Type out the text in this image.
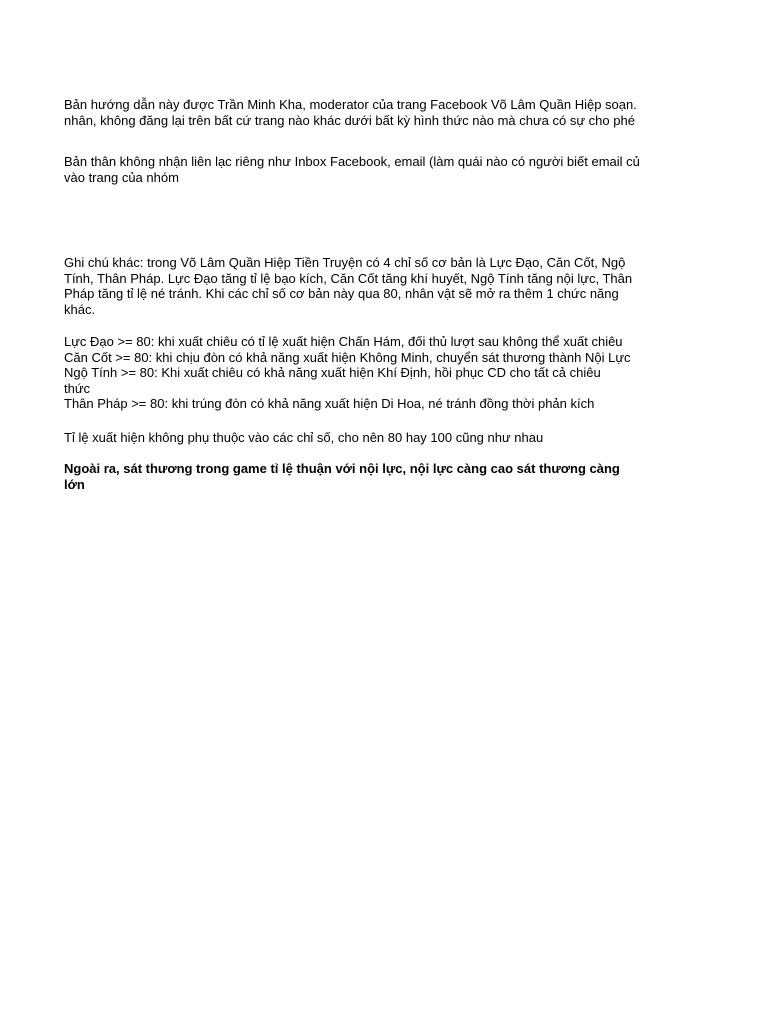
Bản hướng dẫn này được Trần Minh Kha, moderator của trang Facebook Võ Lâm Quần Hiệp soạn.
nhân, không đăng lại trên bất cứ trang nào khác dưới bất kỳ hình thức nào mà chưa có sự cho phé
Bản thân không nhận liên lạc riêng như Inbox Facebook, email (làm quái nào có người biết email củ
vào trang của nhóm
Ghi chú khác: trong Võ Lâm Quần Hiệp Tiền Truyện có 4 chỉ số cơ bản là Lực Đạo, Căn Cốt, Ngộ
Tính, Thân Pháp. Lực Đạo tăng tỉ lệ bạo kích, Căn Cốt tăng khí huyết, Ngộ Tính tăng nội lực, Thân
Pháp tăng tỉ lệ né tránh. Khi các chỉ số cơ bản này qua 80, nhân vật sẽ mở ra thêm 1 chức năng
khác.
Lực Đạo >= 80: khi xuất chiêu có tỉ lệ xuất hiện Chấn Hám, đối thủ lượt sau không thể xuất chiêu
Căn Cốt >= 80: khi chịu đòn có khả năng xuất hiện Không Minh, chuyển sát thương thành Nội Lực
Ngộ Tính >= 80: Khi xuất chiêu có khả năng xuất hiện Khí Định, hồi phục CD cho tất cả chiêu
thức
Thân Pháp >= 80: khi trúng đòn có khả năng xuất hiện Di Hoa, né tránh đồng thời phản kích
Tỉ lệ xuất hiện không phụ thuộc vào các chỉ số, cho nên 80 hay 100 cũng như nhau
Ngoài ra, sát thương trong game tỉ lệ thuận với nội lực, nội lực càng cao sát thương càng
lớn
